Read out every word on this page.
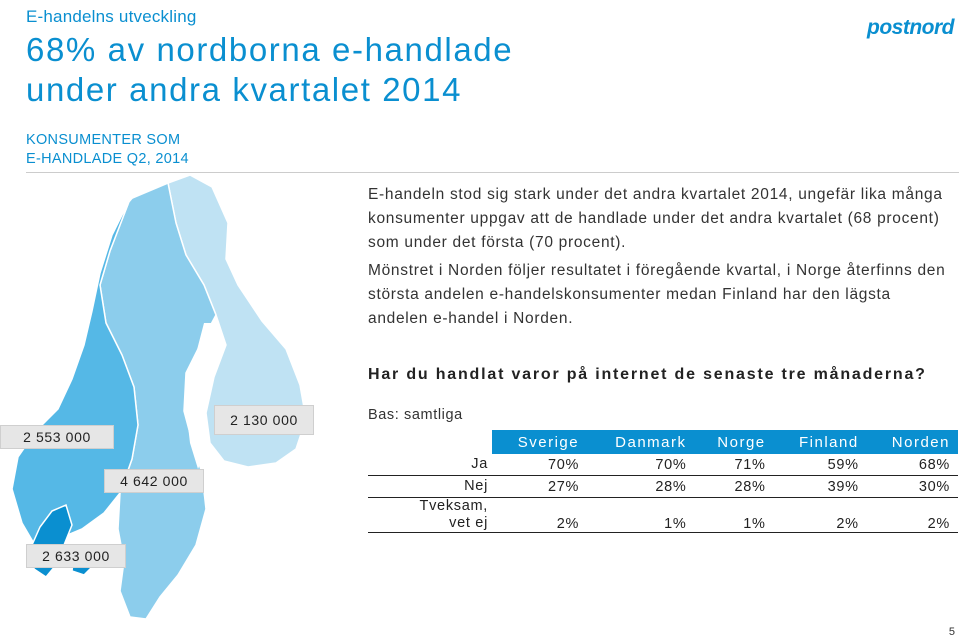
E-handelns utveckling
68% av nordborna e-handlade
under andra kvartalet 2014
postnord
KONSUMENTER SOM
E-HANDLADE Q2, 2014
E-handeln stod sig stark under det andra kvartalet 2014, ungefär lika många konsumenter uppgav att de handlade under det andra kvartalet (68 procent) som under det första (70 procent).
Mönstret i Norden följer resultatet i föregående kvartal, i Norge återfinns den största andelen e-handelskonsumenter medan Finland har den lägsta andelen e-handel i Norden.
2 553 000
4 642 000
2 130 000
2 633 000
Har du handlat varor på internet de senaste tre månaderna?
Bas: samtliga
	Sverige	Danmark	Norge	Finland	Norden
Ja	70%	70%	71%	59%	68%
Nej	27%	28%	28%	39%	30%

Tveksam,
vet ej	2%	1%	1%	2%	2%
5
